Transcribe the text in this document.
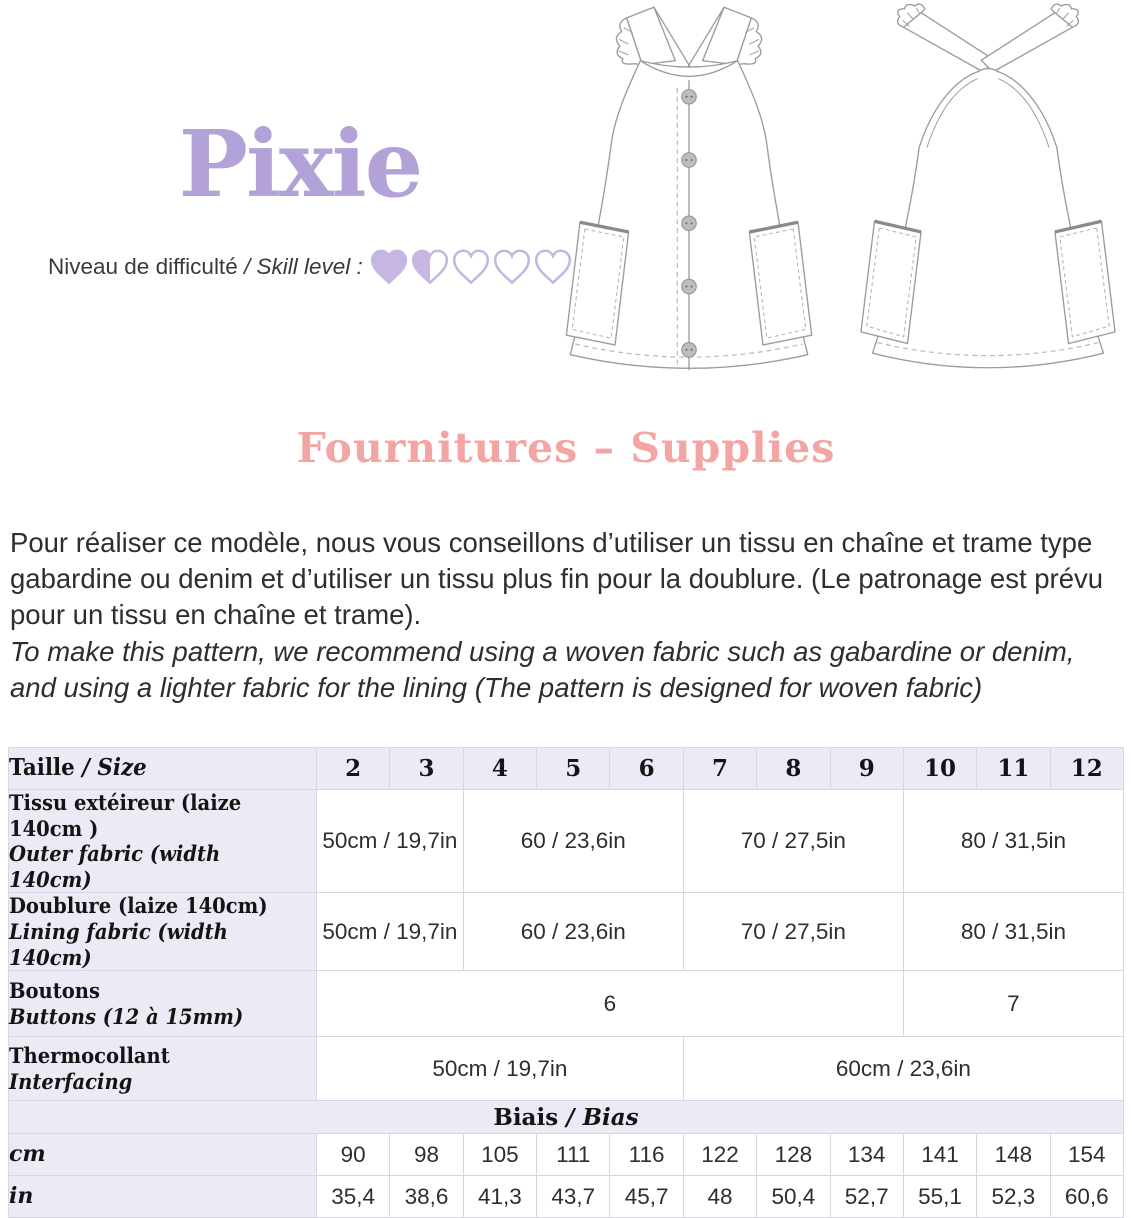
Pixie
Niveau de difficulté / Skill level :
Fournitures – Supplies

Pour réaliser ce modèle, nous vous conseillons d’utiliser un tissu en chaîne et trame type gabardine ou denim et d’utiliser un tissu plus fin pour la doublure. (Le patronage est prévu pour un tissu en chaîne et trame).
To make this pattern, we recommend using a woven fabric such as gabardine or denim, and using a lighter fabric for the lining (The pattern is designed for woven fabric)

Taille / Size	2	3	4	5	6	7	8	9	10	11	12

Tissu extéireur (laize 140cm )
Outer fabric (width 140cm)	50cm / 19,7in		60 / 23,6in			70 / 27,5in			80 / 31,5in		

Doublure (laize 140cm)
Lining fabric (width 140cm)	50cm / 19,7in		60 / 23,6in			70 / 27,5in			80 / 31,5in		

Boutons
Buttons (12 à 15mm)	6								7		

Thermocollant
Interfacing	50cm / 19,7in					60cm / 23,6in					
Biais / Bias											
cm	90	98	105	111	116	122	128	134	141	148	154
in	35,4	38,6	41,3	43,7	45,7	48	50,4	52,7	55,1	52,3	60,6
